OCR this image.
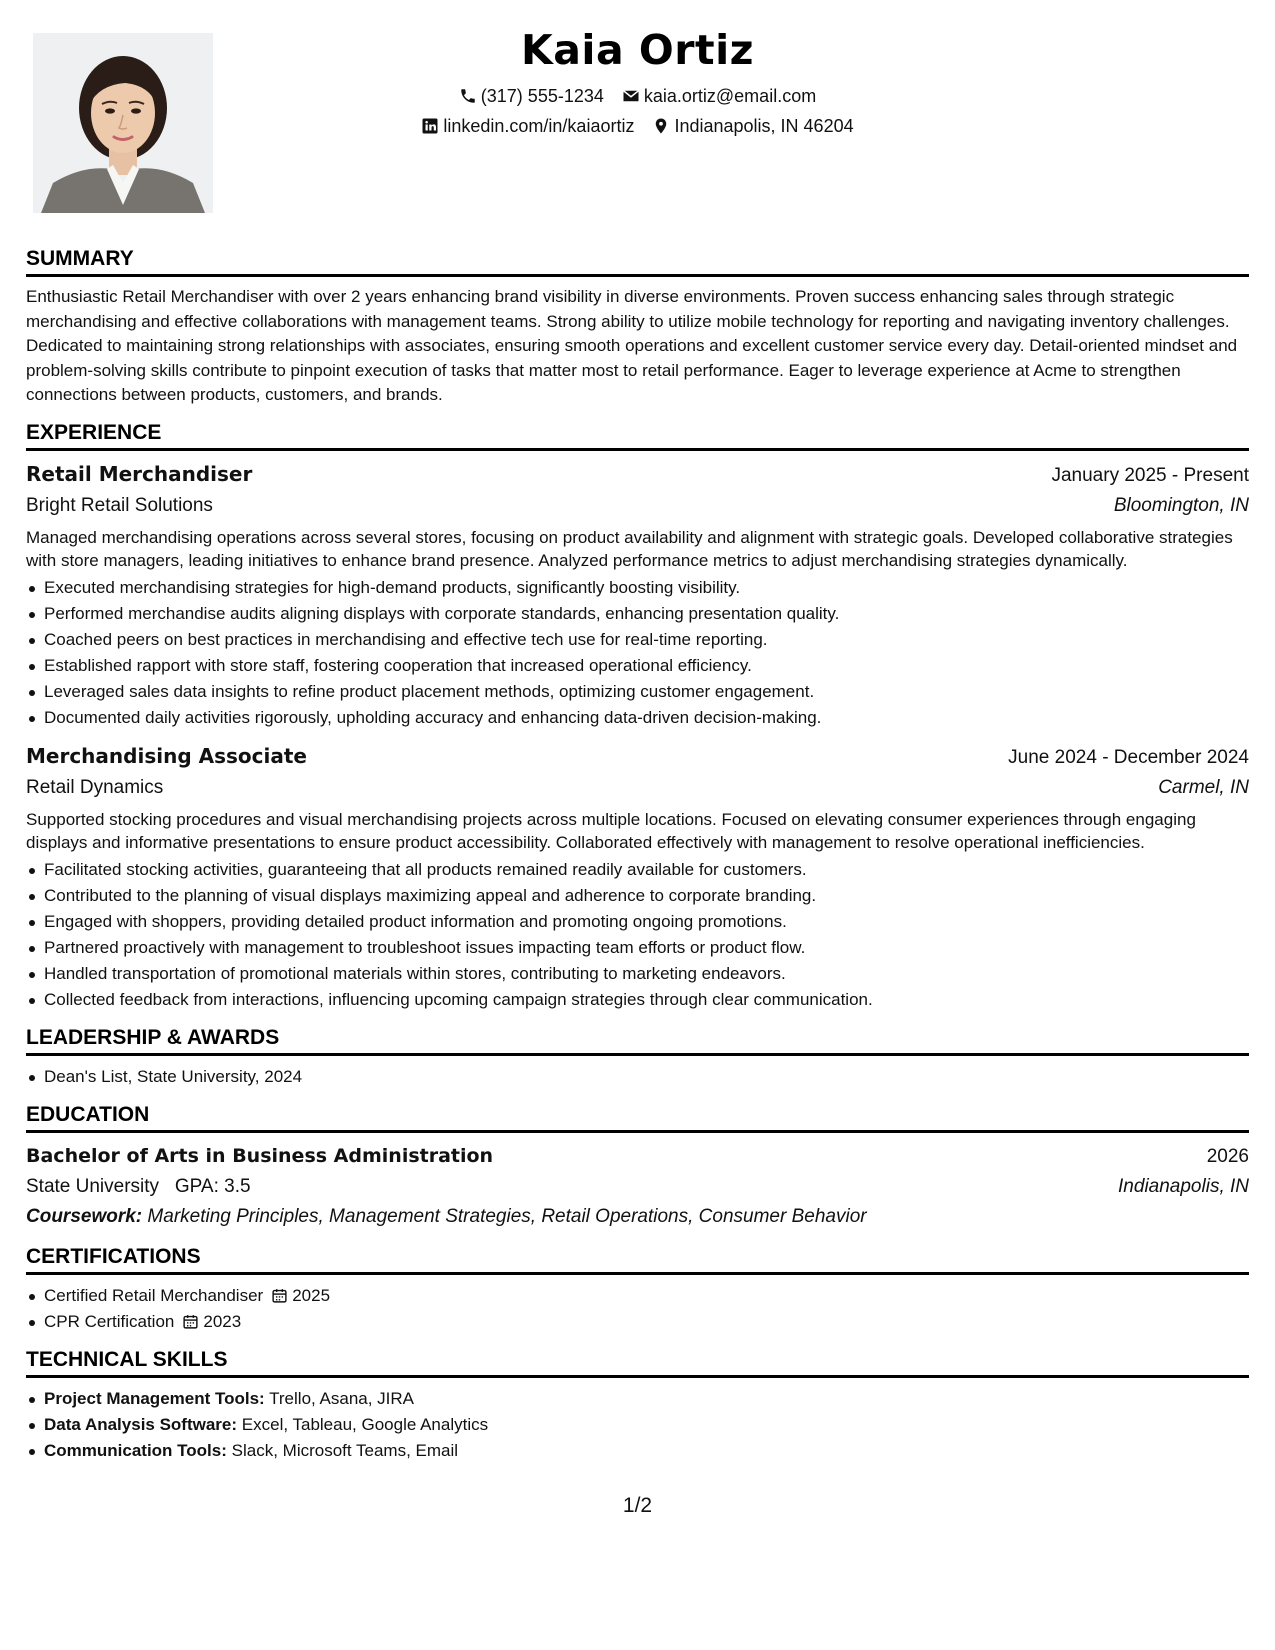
Kaia Ortiz
(317) 555-1234 kaia.ortiz@email.com
linkedin.com/in/kaiaortiz Indianapolis, IN 46204
SUMMARY
Enthusiastic Retail Merchandiser with over 2 years enhancing brand visibility in diverse environments. Proven success enhancing sales through strategic merchandising and effective collaborations with management teams. Strong ability to utilize mobile technology for reporting and navigating inventory challenges. Dedicated to maintaining strong relationships with associates, ensuring smooth operations and excellent customer service every day. Detail-oriented mindset and problem-solving skills contribute to pinpoint execution of tasks that matter most to retail performance. Eager to leverage experience at Acme to strengthen connections between products, customers, and brands.
EXPERIENCE
Retail Merchandiser	January 2025 - Present
Bright Retail Solutions	Bloomington, IN
Managed merchandising operations across several stores, focusing on product availability and alignment with strategic goals. Developed collaborative strategies with store managers, leading initiatives to enhance brand presence. Analyzed performance metrics to adjust merchandising strategies dynamically.
Executed merchandising strategies for high-demand products, significantly boosting visibility.
Performed merchandise audits aligning displays with corporate standards, enhancing presentation quality.
Coached peers on best practices in merchandising and effective tech use for real-time reporting.
Established rapport with store staff, fostering cooperation that increased operational efficiency.
Leveraged sales data insights to refine product placement methods, optimizing customer engagement.
Documented daily activities rigorously, upholding accuracy and enhancing data-driven decision-making.
Merchandising Associate	June 2024 - December 2024
Retail Dynamics	Carmel, IN
Supported stocking procedures and visual merchandising projects across multiple locations. Focused on elevating consumer experiences through engaging displays and informative presentations to ensure product accessibility. Collaborated effectively with management to resolve operational inefficiencies.
Facilitated stocking activities, guaranteeing that all products remained readily available for customers.
Contributed to the planning of visual displays maximizing appeal and adherence to corporate branding.
Engaged with shoppers, providing detailed product information and promoting ongoing promotions.
Partnered proactively with management to troubleshoot issues impacting team efforts or product flow.
Handled transportation of promotional materials within stores, contributing to marketing endeavors.
Collected feedback from interactions, influencing upcoming campaign strategies through clear communication.
LEADERSHIP & AWARDS
Dean's List, State University, 2024
EDUCATION
Bachelor of Arts in Business Administration	2026
State University GPA: 3.5	Indianapolis, IN
Coursework: Marketing Principles, Management Strategies, Retail Operations, Consumer Behavior
CERTIFICATIONS
Certified Retail Merchandiser 2025
CPR Certification 2023
TECHNICAL SKILLS
Project Management Tools: Trello, Asana, JIRA
Data Analysis Software: Excel, Tableau, Google Analytics
Communication Tools: Slack, Microsoft Teams, Email
1/2
